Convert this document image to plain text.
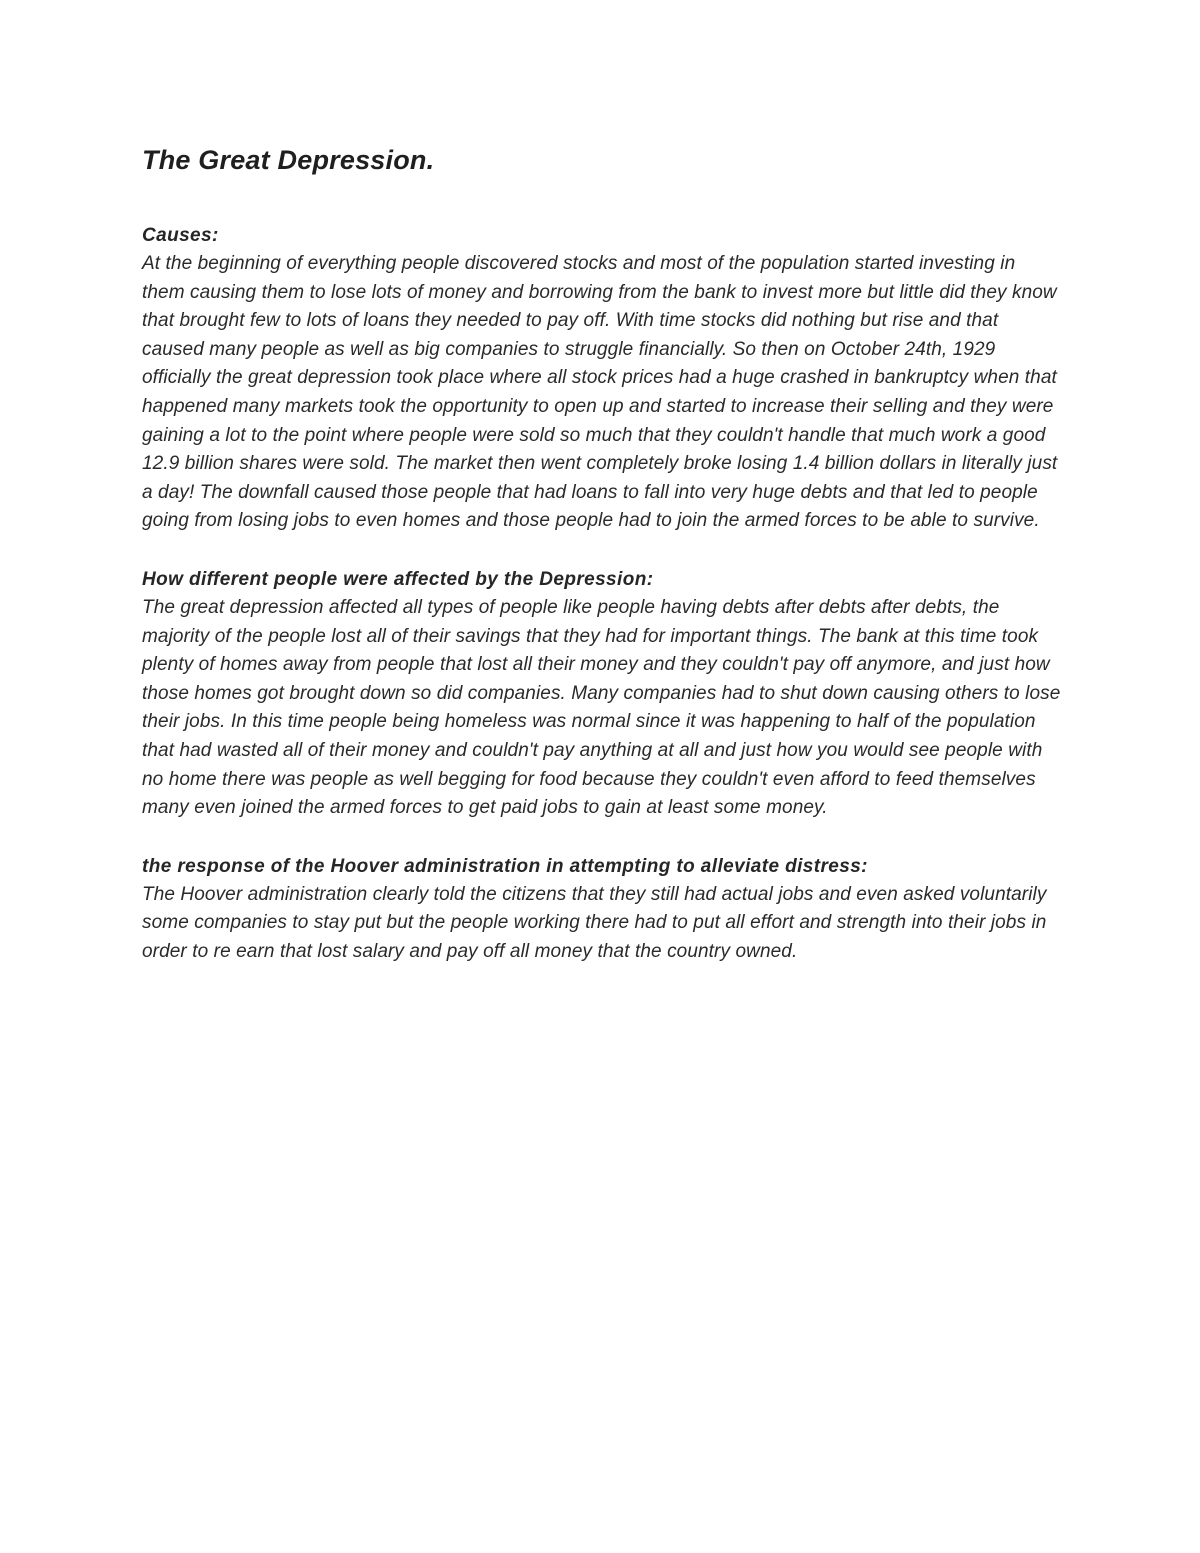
The Great Depression.

Causes:

At the beginning of everything people discovered stocks and most of the population started investing in them causing them to lose lots of money and borrowing from the bank to invest more but little did they know that brought few to lots of loans they needed to pay off. With time stocks did nothing but rise and that caused many people as well as big companies to struggle financially. So then on October 24th, 1929 officially the great depression took place where all stock prices had a huge crashed in bankruptcy when that happened many markets took the opportunity to open up and started to increase their selling and they were gaining a lot to the point where people were sold so much that they couldn't handle that much work a good 12.9 billion shares were sold. The market then went completely broke losing 1.4 billion dollars in literally just a day! The downfall caused those people that had loans to fall into very huge debts and that led to people going from losing jobs to even homes and those people had to join the armed forces to be able to survive.

How different people were affected by the Depression:

The great depression affected all types of people like people having debts after debts after debts, the majority of the people lost all of their savings that they had for important things. The bank at this time took plenty of homes away from people that lost all their money and they couldn't pay off anymore, and just how those homes got brought down so did companies. Many companies had to shut down causing others to lose their jobs. In this time people being homeless was normal since it was happening to half of the population that had wasted all of their money and couldn't pay anything at all and just how you would see people with no home there was people as well begging for food because they couldn't even afford to feed themselves many even joined the armed forces to get paid jobs to gain at least some money.

the response of the Hoover administration in attempting to alleviate distress:

The Hoover administration clearly told the citizens that they still had actual jobs and even asked voluntarily some companies to stay put but the people working there had to put all effort and strength into their jobs in order to re earn that lost salary and pay off all money that the country owned.
